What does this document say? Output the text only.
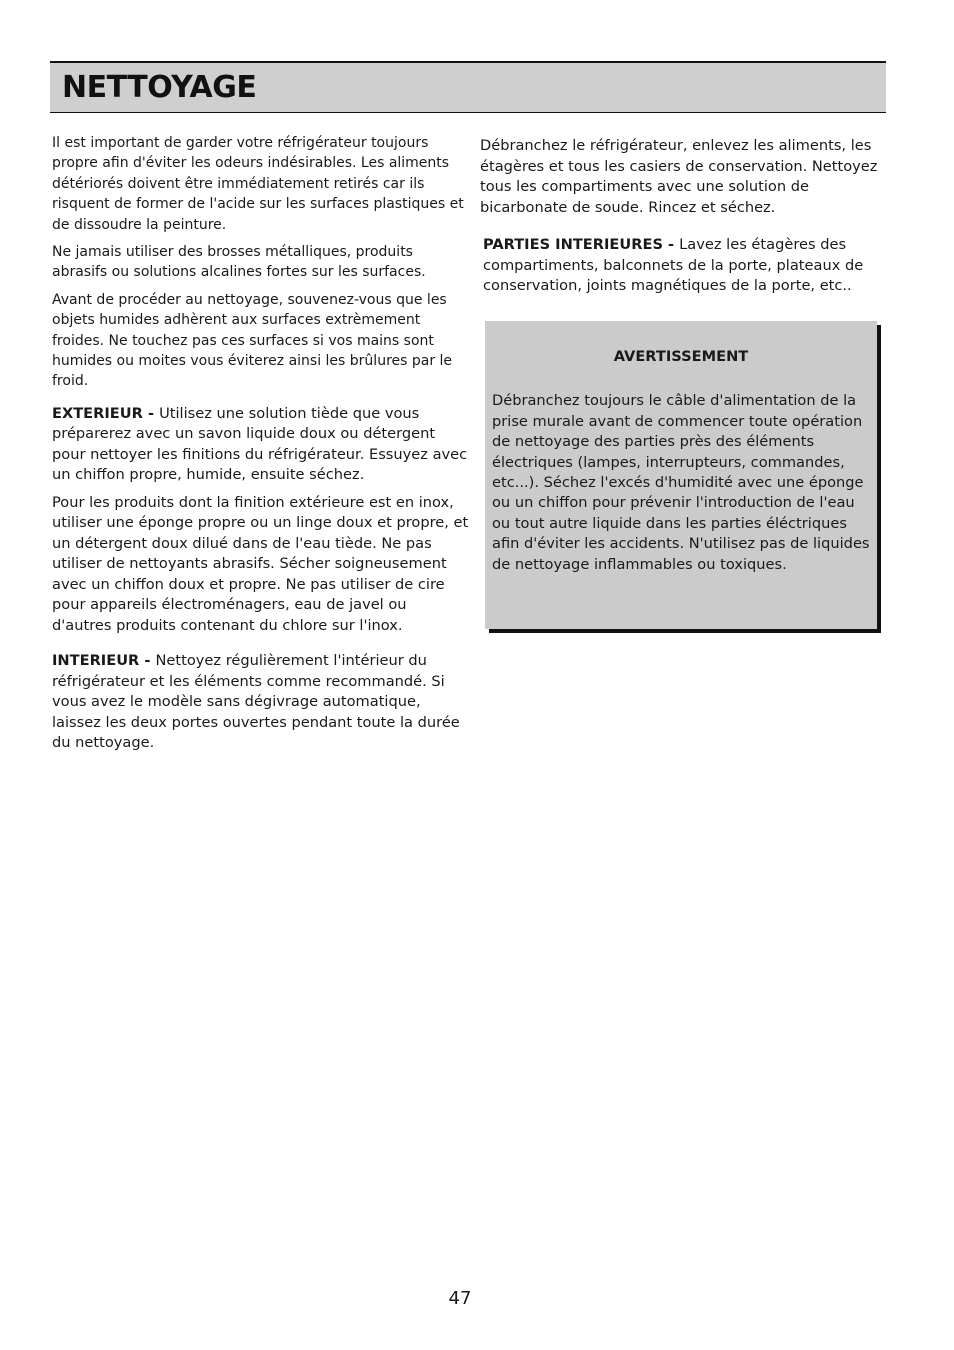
NETTOYAGE

Il est important de garder votre réfrigérateur toujours propre afin d'éviter les odeurs indésirables. Les aliments détériorés doivent être immédiatement retirés car ils risquent de former de l'acide sur les surfaces plastiques et de dissoudre la peinture.

Ne jamais utiliser des brosses métalliques, produits abrasifs ou solutions alcalines fortes sur les surfaces.

Avant de procéder au nettoyage, souvenez-vous que les objets humides adhèrent aux surfaces extrèmement froides. Ne touchez pas ces surfaces si vos mains sont humides ou moites vous éviterez ainsi les brûlures par le froid.

EXTERIEUR - Utilisez une solution tiède que vous préparerez avec un savon liquide doux ou détergent pour nettoyer les finitions du réfrigérateur. Essuyez avec un chiffon propre, humide, ensuite séchez.

Pour les produits dont la finition extérieure est en inox, utiliser une éponge propre ou un linge doux et propre, et un détergent doux dilué dans de l'eau tiède. Ne pas utiliser de nettoyants abrasifs. Sécher soigneusement avec un chiffon doux et propre. Ne pas utiliser de cire pour appareils électroménagers, eau de javel ou d'autres produits contenant du chlore sur l'inox.

INTERIEUR - Nettoyez régulièrement l'intérieur du réfrigérateur et les éléments comme recommandé. Si vous avez le modèle sans dégivrage automatique, laissez les deux portes ouvertes pendant toute la durée du nettoyage.

Débranchez le réfrigérateur, enlevez les aliments, les étagères et tous les casiers de conservation. Nettoyez tous les compartiments avec une solution de bicarbonate de soude. Rincez et séchez.

PARTIES INTERIEURES - Lavez les étagères des compartiments, balconnets de la porte, plateaux de conservation, joints magnétiques de la porte, etc..

AVERTISSEMENT

Débranchez toujours le câble d'alimentation de la prise murale avant de commencer toute opération de nettoyage des parties près des éléments électriques (lampes, interrupteurs, commandes, etc...). Séchez l'excés d'humidité avec une éponge ou un chiffon pour prévenir l'introduction de l'eau ou tout autre liquide dans les parties éléctriques afin d'éviter les accidents. N'utilisez pas de liquides de nettoyage inflammables ou toxiques.

47
